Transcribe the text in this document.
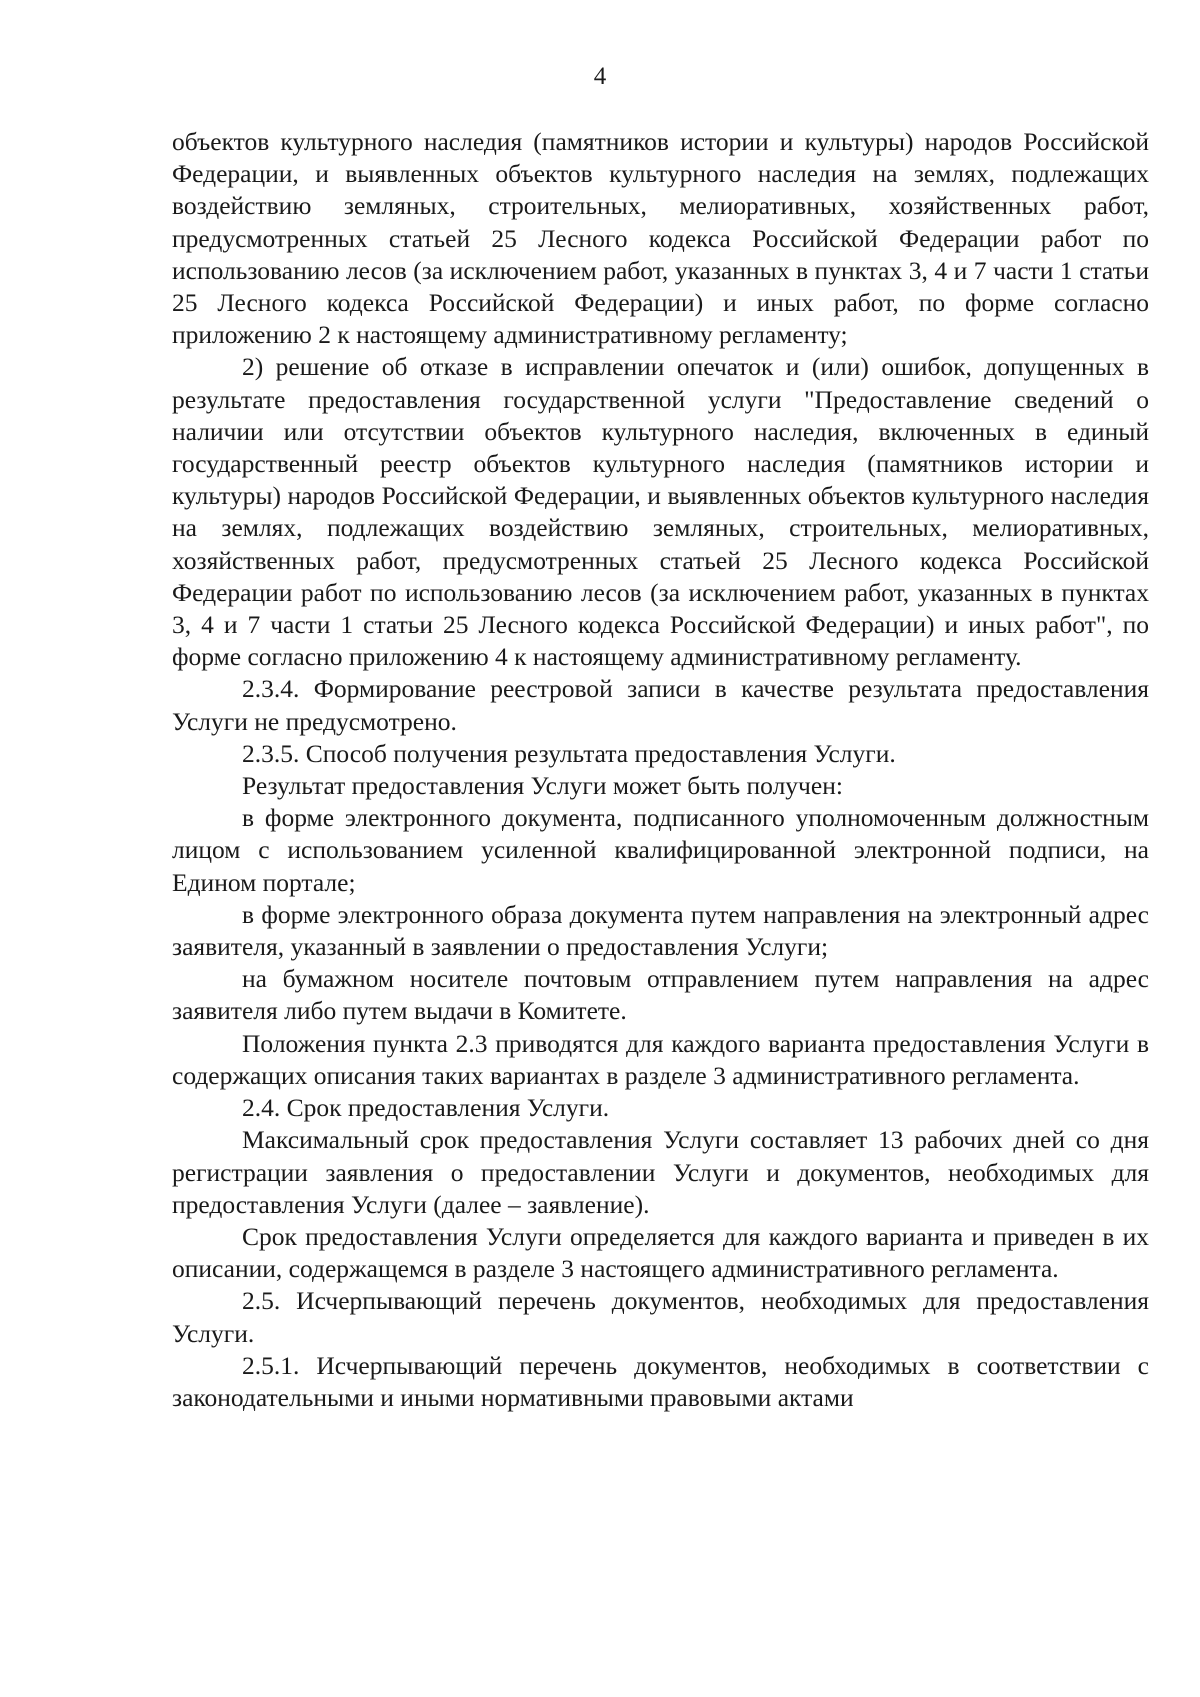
4

объектов культурного наследия (памятников истории и культуры) народов Российской Федерации, и выявленных объектов культурного наследия на землях, подлежащих воздействию земляных, строительных, мелиоративных, хозяйственных работ, предусмотренных статьей 25 Лесного кодекса Российской Федерации работ по использованию лесов (за исключением работ, указанных в пунктах 3, 4 и 7 части 1 статьи 25 Лесного кодекса Российской Федерации) и иных работ, по форме согласно приложению 2 к настоящему административному регламенту;

2) решение об отказе в исправлении опечаток и (или) ошибок, допущенных в результате предоставления государственной услуги "Предоставление сведений о наличии или отсутствии объектов культурного наследия, включенных в единый государственный реестр объектов культурного наследия (памятников истории и культуры) народов Российской Федерации, и выявленных объектов культурного наследия на землях, подлежащих воздействию земляных, строительных, мелиоративных, хозяйственных работ, предусмотренных статьей 25 Лесного кодекса Российской Федерации работ по использованию лесов (за исключением работ, указанных в пунктах 3, 4 и 7 части 1 статьи 25 Лесного кодекса Российской Федерации) и иных работ", по форме согласно приложению 4 к настоящему административному регламенту.

2.3.4. Формирование реестровой записи в качестве результата предоставления Услуги не предусмотрено.

2.3.5. Способ получения результата предоставления Услуги.

Результат предоставления Услуги может быть получен:

в форме электронного документа, подписанного уполномоченным должностным лицом с использованием усиленной квалифицированной электронной подписи, на Едином портале;

в форме электронного образа документа путем направления на электронный адрес заявителя, указанный в заявлении о предоставления Услуги;

на бумажном носителе почтовым отправлением путем направления на адрес заявителя либо путем выдачи в Комитете.

Положения пункта 2.3 приводятся для каждого варианта предоставления Услуги в содержащих описания таких вариантах в разделе 3 административного регламента.

2.4. Срок предоставления Услуги.

Максимальный срок предоставления Услуги составляет 13 рабочих дней со дня регистрации заявления о предоставлении Услуги и документов, необходимых для предоставления Услуги (далее – заявление).

Срок предоставления Услуги определяется для каждого варианта и приведен в их описании, содержащемся в разделе 3 настоящего административного регламента.

2.5. Исчерпывающий перечень документов, необходимых для предоставления Услуги.

2.5.1. Исчерпывающий перечень документов, необходимых в соответствии с законодательными и иными нормативными правовыми актами
